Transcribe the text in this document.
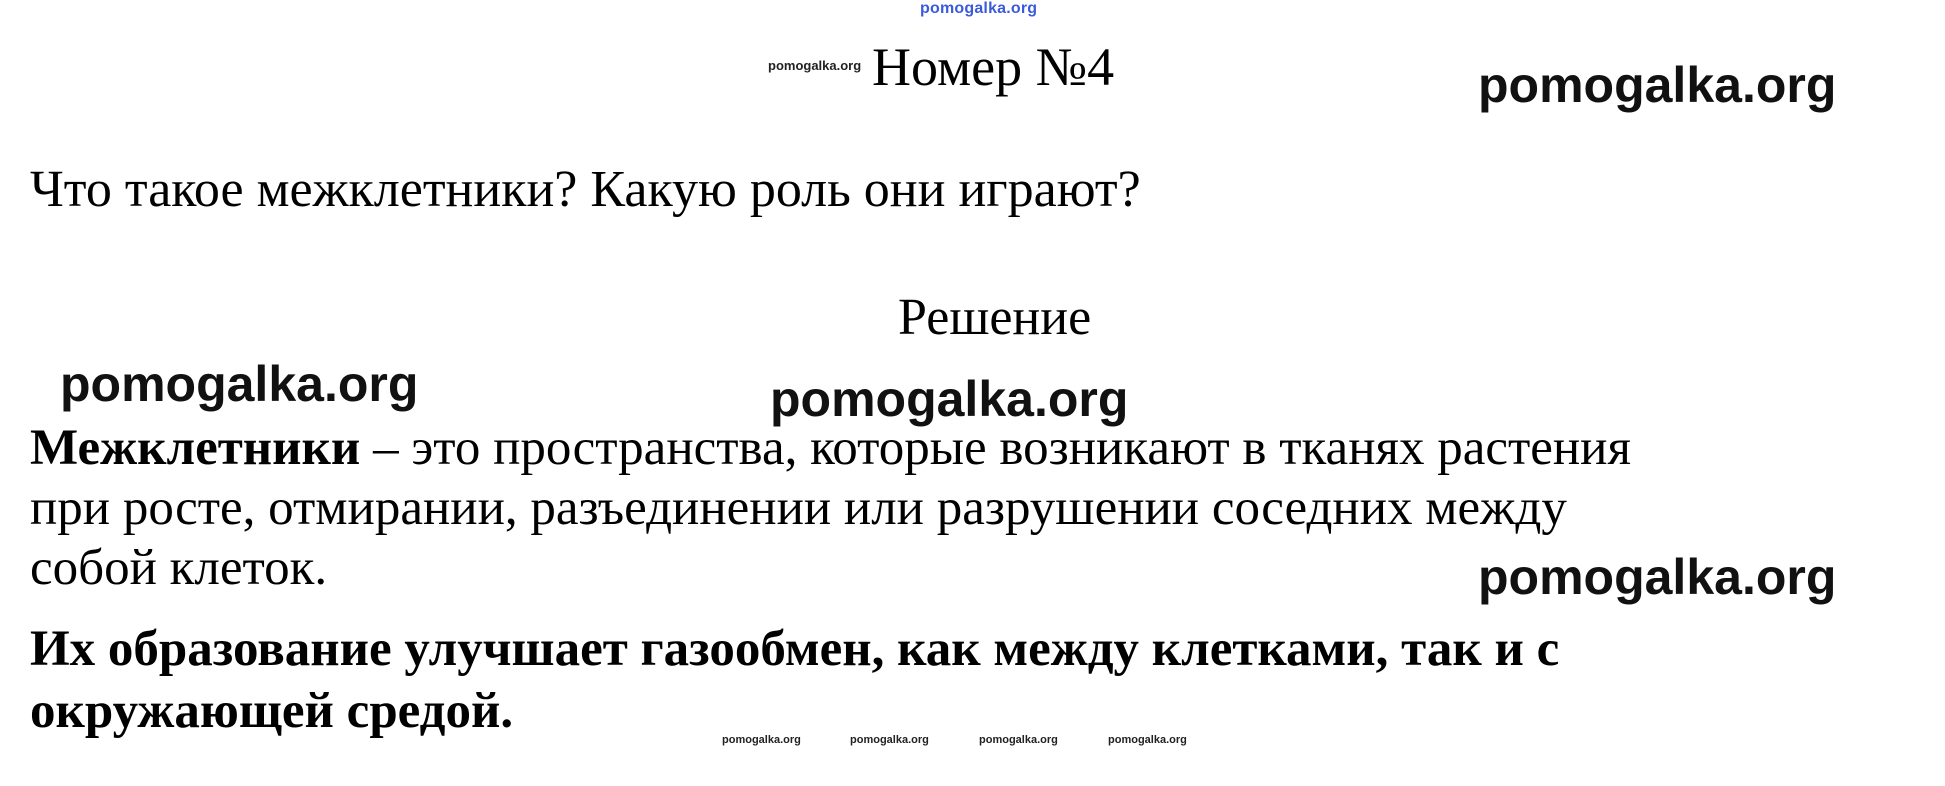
pomogalka.org
pomogalka.org Номер №4	pomogalka.org
Что такое межклетники? Какую роль они играют?
Решение
pomogalka.org	pomogalka.org
Межклетники – это пространства, которые возникают в тканях растения
при росте, отмирании, разъединении или разрушении соседних между
собой клеток.	pomogalka.org
Их образование улучшает газообмен, как между клетками, так и с
окружающей средой.
pomogalka.org	pomogalka.org	pomogalka.org	pomogalka.org
